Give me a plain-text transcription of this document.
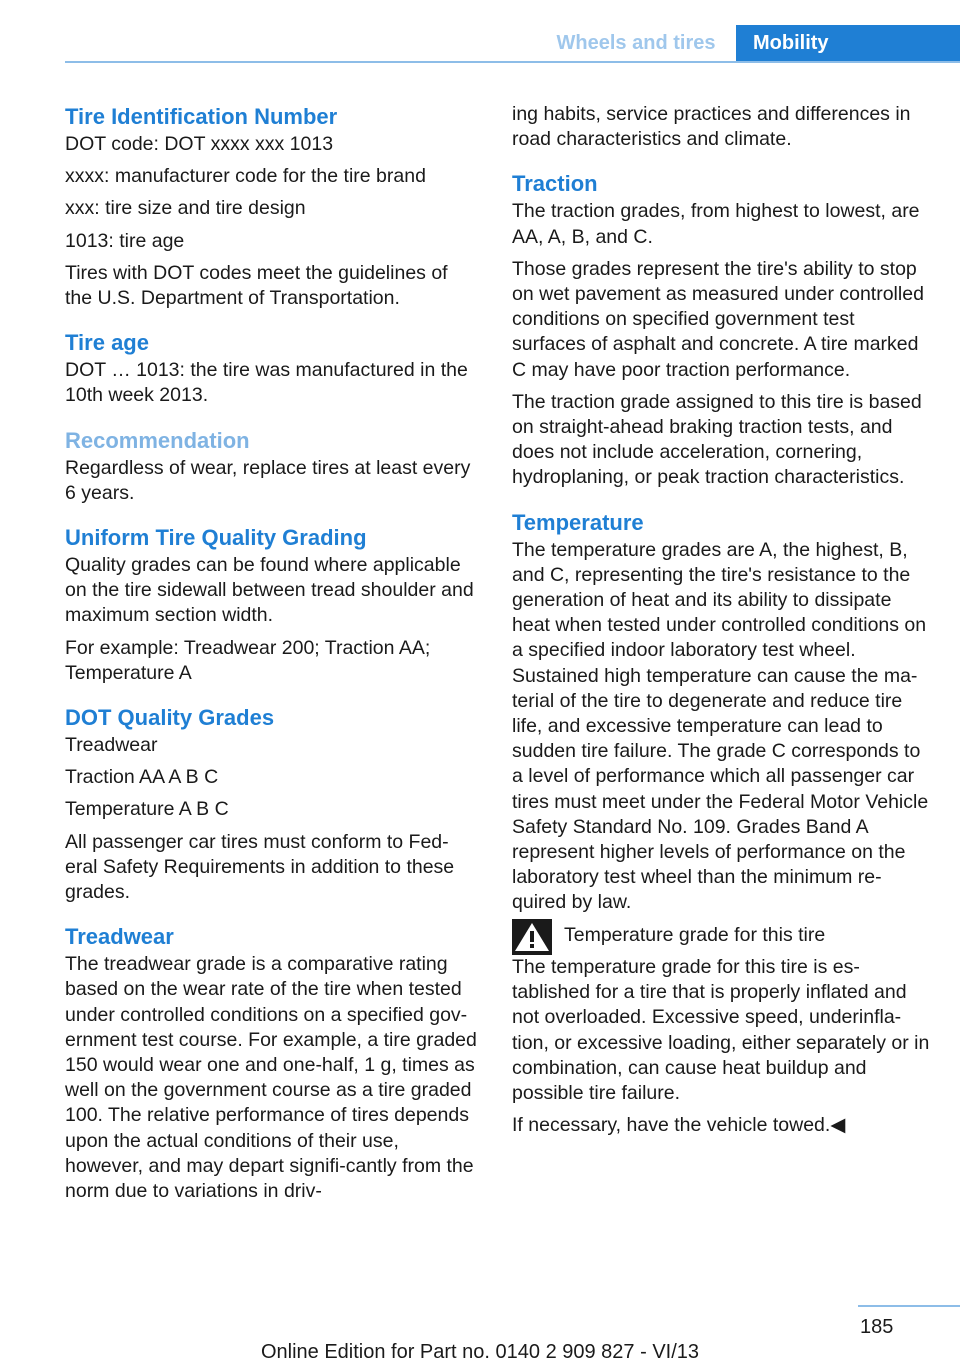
Wheels and tires	Mobility
Tire Identification Number

DOT code: DOT xxxx xxx 1013

xxxx: manufacturer code for the tire brand

xxx: tire size and tire design

1013: tire age

Tires with DOT codes meet the guidelines of the U.S. Department of Transportation.

Tire age

DOT … 1013: the tire was manufactured in the 10th week 2013.

Recommendation

Regardless of wear, replace tires at least every 6 years.

Uniform Tire Quality Grading

Quality grades can be found where applicable on the tire sidewall between tread shoulder and maximum section width.

For example: Treadwear 200; Traction AA; Temperature A

DOT Quality Grades

Treadwear

Traction AA A B C

Temperature A B C

All passenger car tires must conform to Fed‐eral Safety Requirements in addition to these grades.

Treadwear

The treadwear grade is a comparative rating based on the wear rate of the tire when tested under controlled conditions on a specified gov‐ernment test course. For example, a tire graded 150 would wear one and one-half, 1 g, times as well on the government course as a tire graded 100. The relative performance of tires depends upon the actual conditions of their use, however, and may depart signifi‐cantly from the norm due to variations in driv‐

ing habits, service practices and differences in road characteristics and climate.

Traction

The traction grades, from highest to lowest, are AA, A, B, and C.

Those grades represent the tire's ability to stop on wet pavement as measured under controlled conditions on specified government test surfaces of asphalt and concrete. A tire marked C may have poor traction performance.

The traction grade assigned to this tire is based on straight-ahead braking traction tests, and does not include acceleration, cornering, hydroplaning, or peak traction characteristics.

Temperature

The temperature grades are A, the highest, B, and C, representing the tire's resistance to the generation of heat and its ability to dissipate heat when tested under controlled conditions on a specified indoor laboratory test wheel. Sustained high temperature can cause the ma‐terial of the tire to degenerate and reduce tire life, and excessive temperature can lead to sudden tire failure. The grade C corresponds to a level of performance which all passenger car tires must meet under the Federal Motor Vehicle Safety Standard No. 109. Grades Band A represent higher levels of performance on the laboratory test wheel than the minimum re‐quired by law.

Temperature grade for this tire

The temperature grade for this tire is es‐tablished for a tire that is properly inflated and not overloaded. Excessive speed, underinfla‐tion, or excessive loading, either separately or in combination, can cause heat buildup and possible tire failure.

If necessary, have the vehicle towed.◀

185
Online Edition for Part no. 0140 2 909 827 - VI/13
